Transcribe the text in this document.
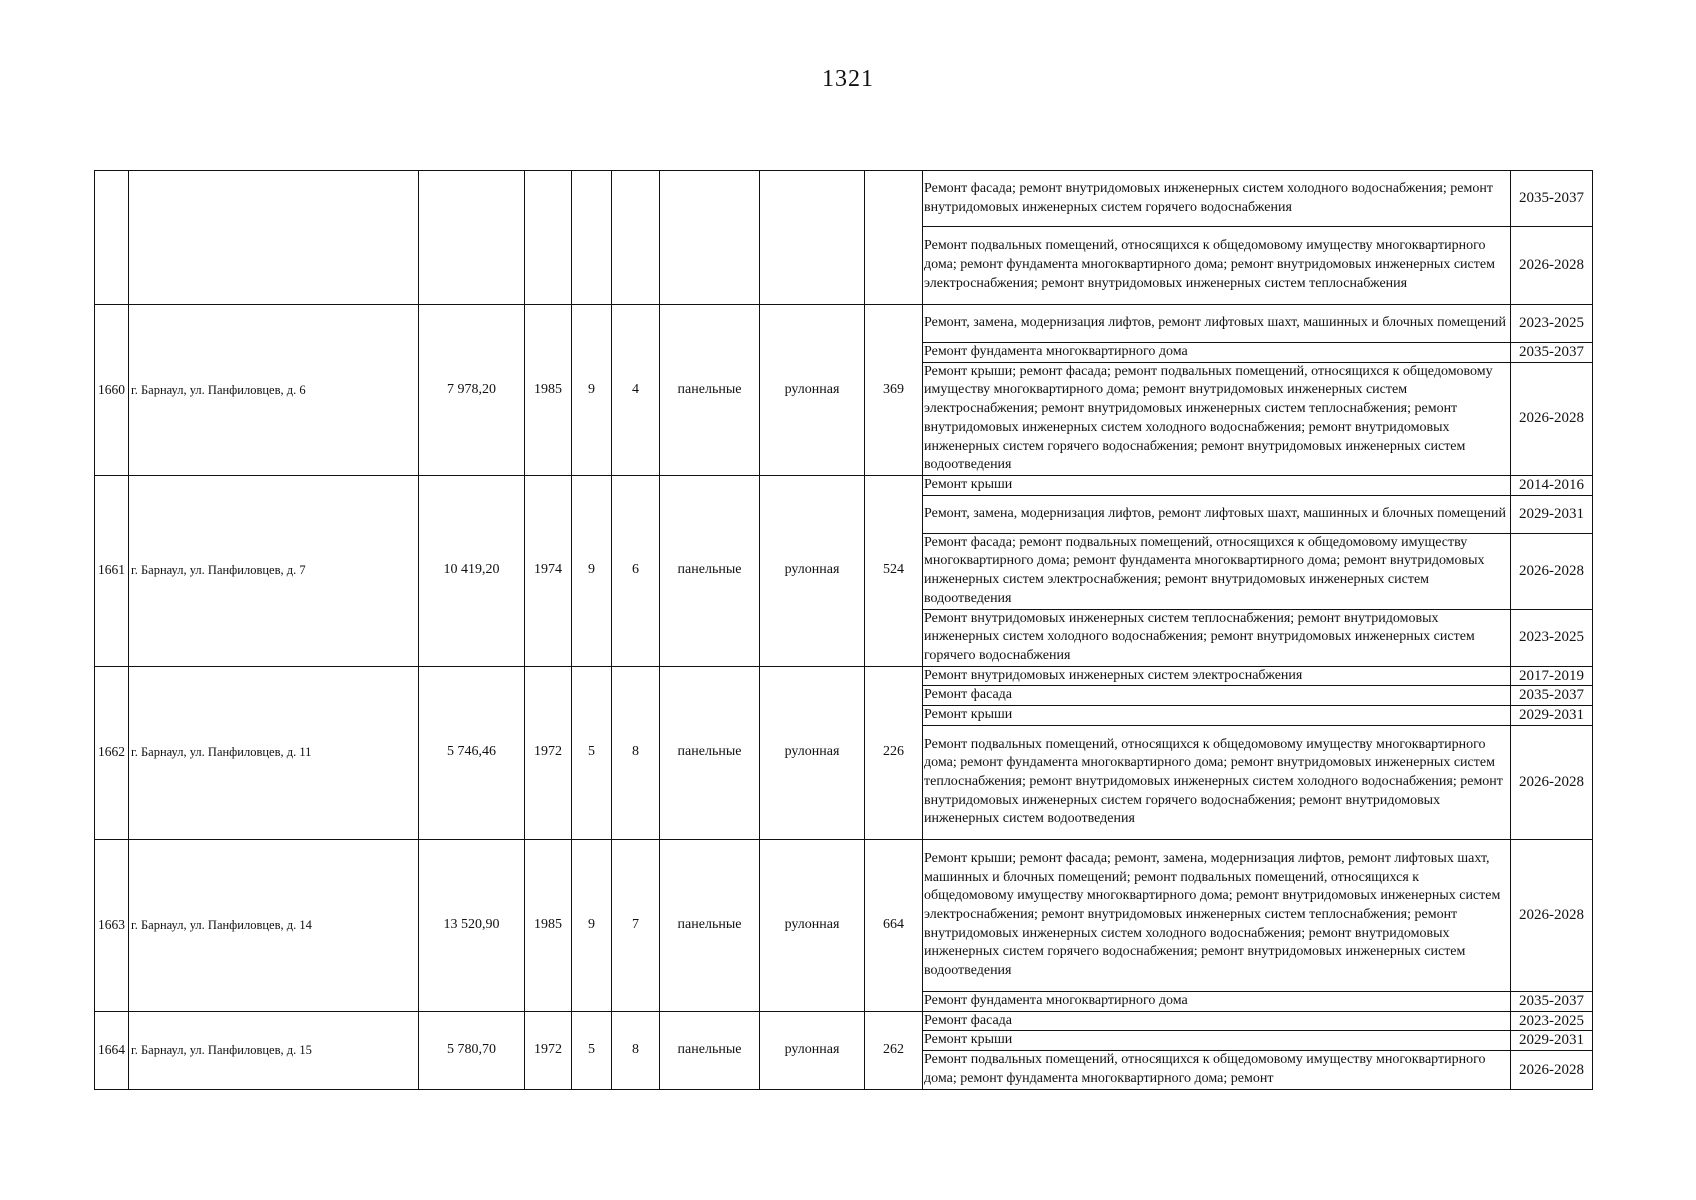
1321
									Ремонт фасада; ремонт внутридомовых инженерных систем холодного водоснабжения; ремонт внутридомовых инженерных систем горячего водоснабжения	2035-2037
									Ремонт подвальных помещений, относящихся к общедомовому имуществу многоквартирного дома; ремонт фундамента многоквартирного дома; ремонт внутридомовых инженерных систем электроснабжения; ремонт внутридомовых инженерных систем теплоснабжения	2026-2028
1660	г. Барнаул, ул. Панфиловцев, д. 6	7 978,20	1985	9	4	панельные	рулонная	369	Ремонт, замена, модернизация лифтов, ремонт лифтовых шахт, машинных и блочных помещений	2023-2025
									Ремонт фундамента многоквартирного дома	2035-2037
									Ремонт крыши; ремонт фасада; ремонт подвальных помещений, относящихся к общедомовому имуществу многоквартирного дома; ремонт внутридомовых инженерных систем электроснабжения; ремонт внутридомовых инженерных систем теплоснабжения; ремонт внутридомовых инженерных систем холодного водоснабжения; ремонт внутридомовых инженерных систем горячего водоснабжения; ремонт внутридомовых инженерных систем водоотведения	2026-2028
1661	г. Барнаул, ул. Панфиловцев, д. 7	10 419,20	1974	9	6	панельные	рулонная	524	Ремонт крыши	2014-2016
									Ремонт, замена, модернизация лифтов, ремонт лифтовых шахт, машинных и блочных помещений	2029-2031
									Ремонт фасада; ремонт подвальных помещений, относящихся к общедомовому имуществу многоквартирного дома; ремонт фундамента многоквартирного дома; ремонт внутридомовых инженерных систем электроснабжения; ремонт внутридомовых инженерных систем водоотведения	2026-2028
									Ремонт внутридомовых инженерных систем теплоснабжения; ремонт внутридомовых инженерных систем холодного водоснабжения; ремонт внутридомовых инженерных систем горячего водоснабжения	2023-2025
1662	г. Барнаул, ул. Панфиловцев, д. 11	5 746,46	1972	5	8	панельные	рулонная	226	Ремонт внутридомовых инженерных систем электроснабжения	2017-2019
									Ремонт фасада	2035-2037
									Ремонт крыши	2029-2031
									Ремонт подвальных помещений, относящихся к общедомовому имуществу многоквартирного дома; ремонт фундамента многоквартирного дома; ремонт внутридомовых инженерных систем теплоснабжения; ремонт внутридомовых инженерных систем холодного водоснабжения; ремонт внутридомовых инженерных систем горячего водоснабжения; ремонт внутридомовых инженерных систем водоотведения	2026-2028
1663	г. Барнаул, ул. Панфиловцев, д. 14	13 520,90	1985	9	7	панельные	рулонная	664	Ремонт крыши; ремонт фасада; ремонт, замена, модернизация лифтов, ремонт лифтовых шахт, машинных и блочных помещений; ремонт подвальных помещений, относящихся к общедомовому имуществу многоквартирного дома; ремонт внутридомовых инженерных систем электроснабжения; ремонт внутридомовых инженерных систем теплоснабжения; ремонт внутридомовых инженерных систем холодного водоснабжения; ремонт внутридомовых инженерных систем горячего водоснабжения; ремонт внутридомовых инженерных систем водоотведения	2026-2028
									Ремонт фундамента многоквартирного дома	2035-2037
1664	г. Барнаул, ул. Панфиловцев, д. 15	5 780,70	1972	5	8	панельные	рулонная	262	Ремонт фасада	2023-2025
									Ремонт крыши	2029-2031
									Ремонт подвальных помещений, относящихся к общедомовому имуществу многоквартирного дома; ремонт фундамента многоквартирного дома; ремонт	2026-2028
